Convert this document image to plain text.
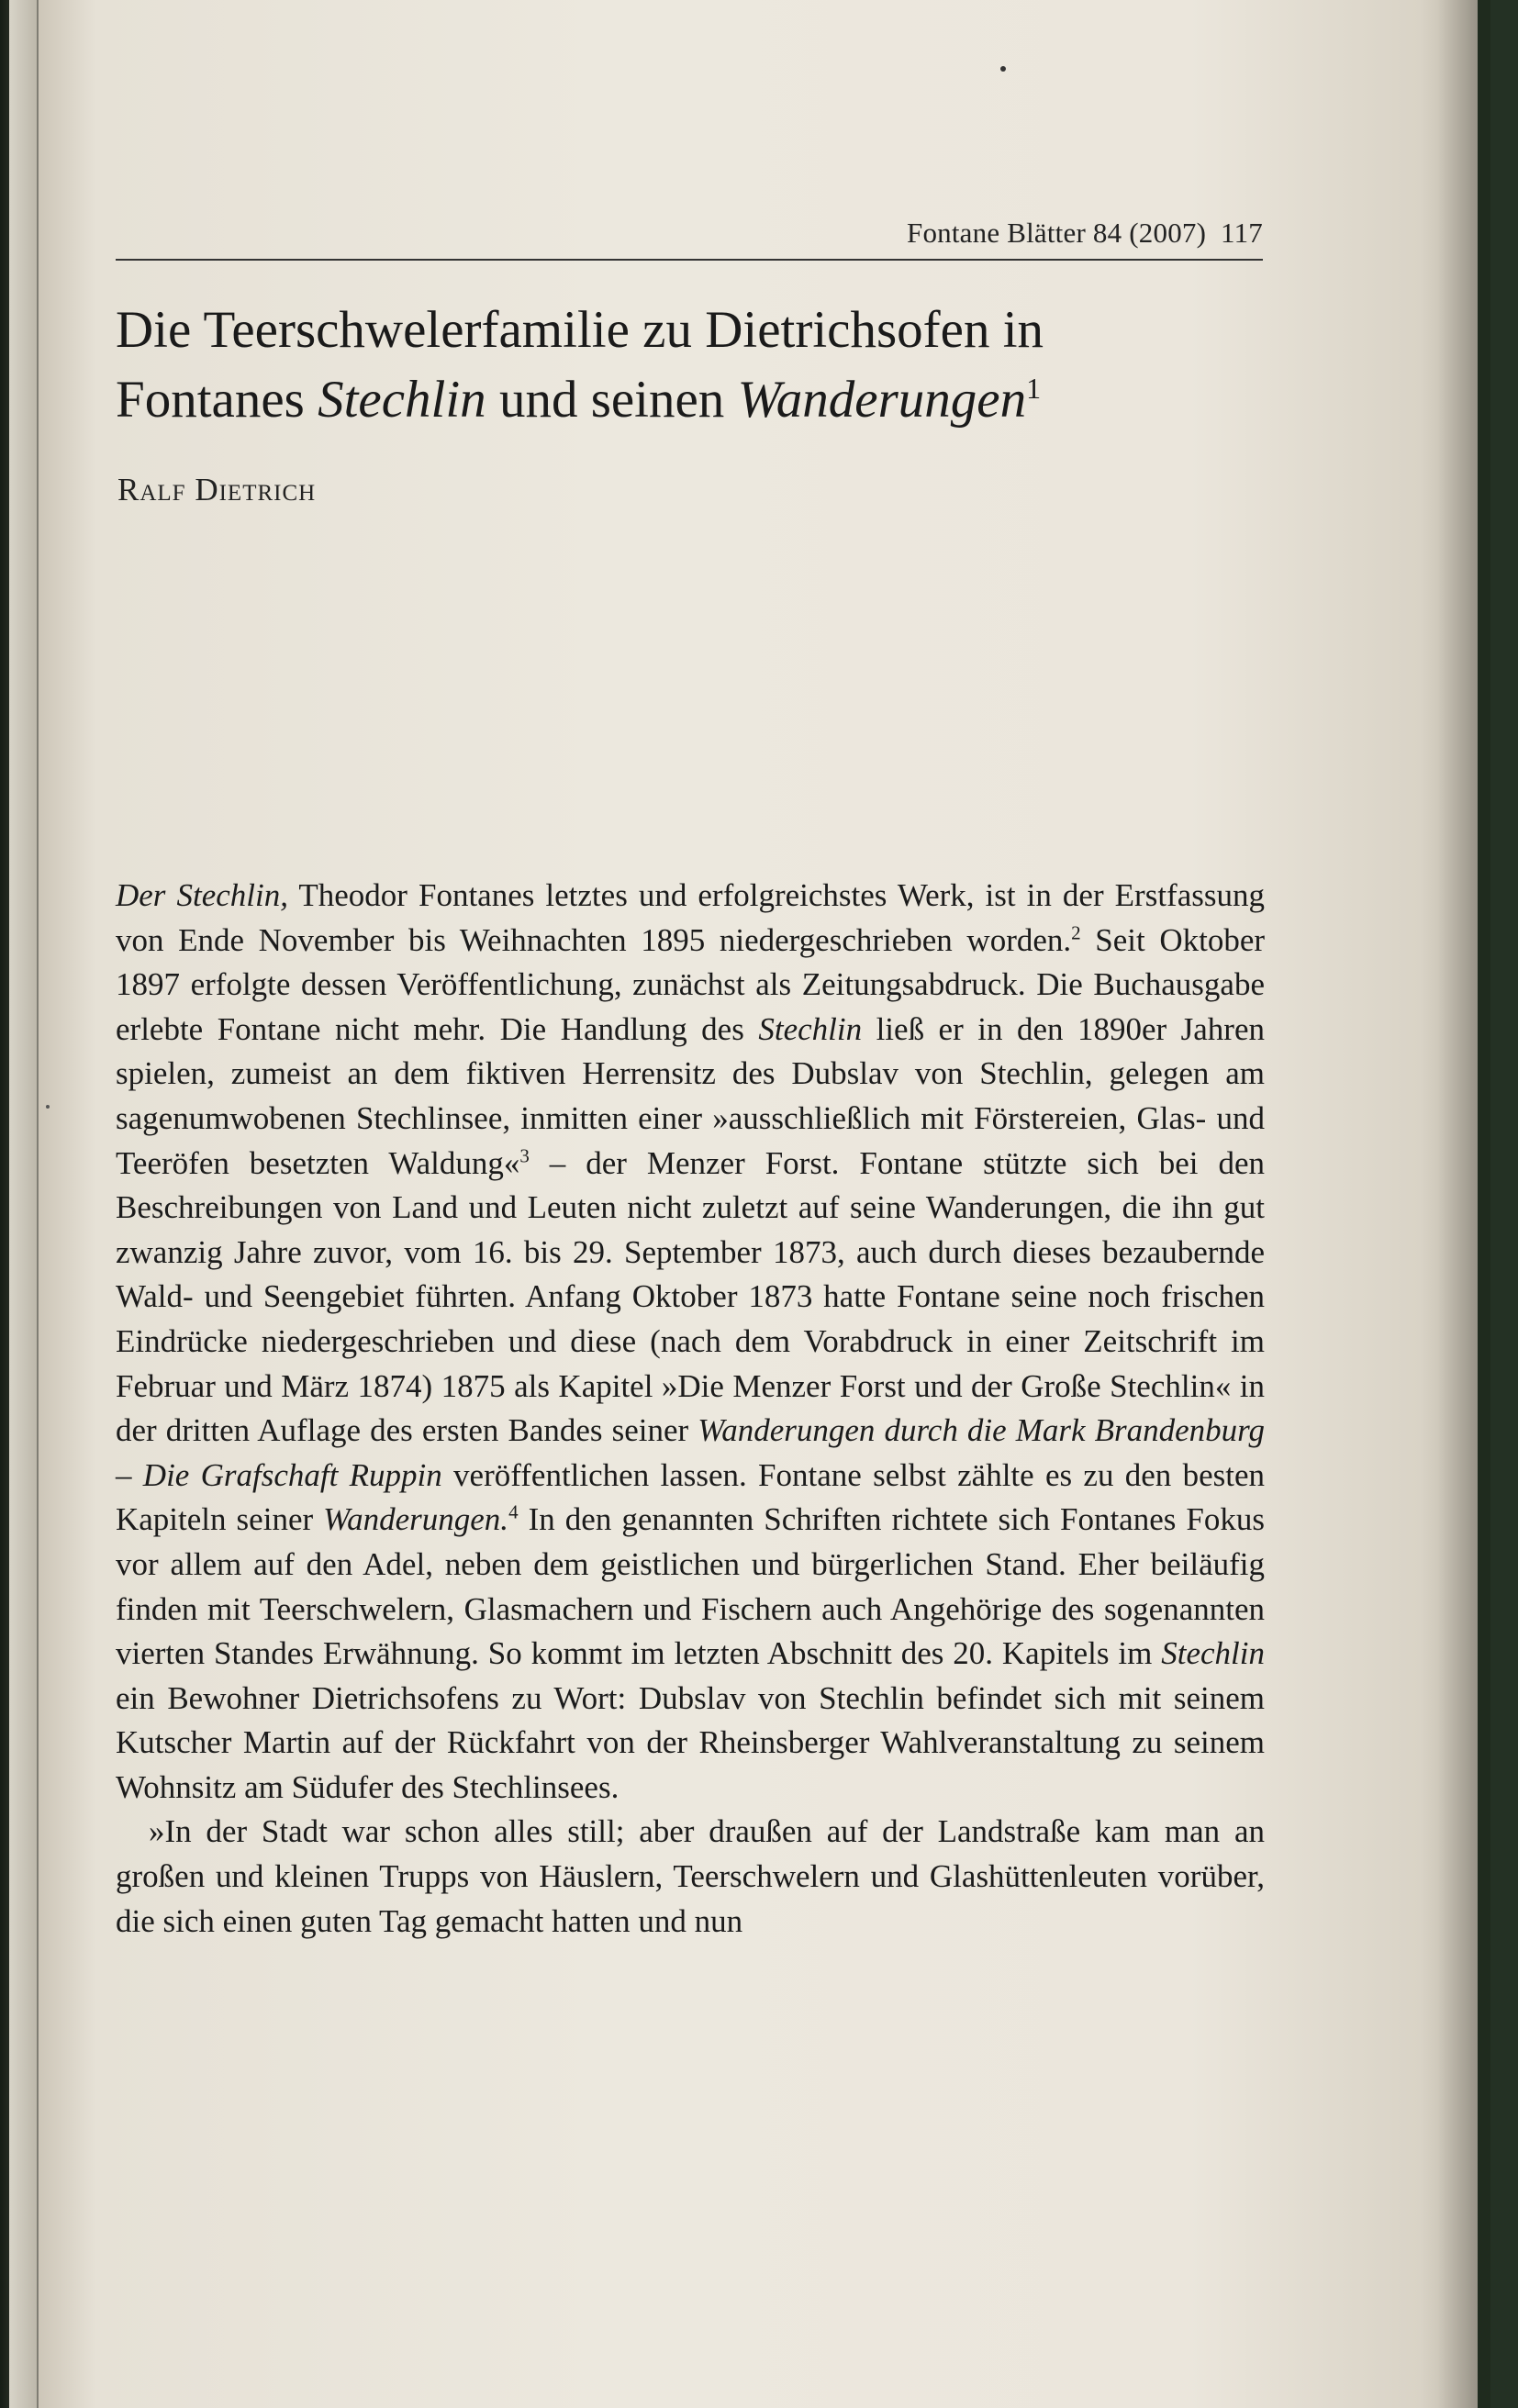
Fontane Blätter 84 (2007) 117
Die Teerschwelerfamilie zu Dietrichsofen in
Fontanes Stechlin und seinen Wanderungen$^1$
Ralf Dietrich

Der Stechlin, Theodor Fontanes letztes und erfolgreichstes Werk, ist in der Erstfassung von Ende November bis Weihnachten 1895 niedergeschrieben worden.$^2$ Seit Oktober 1897 erfolgte dessen Veröffentlichung, zunächst als Zeitungsabdruck. Die Buchausgabe erlebte Fontane nicht mehr. Die Handlung des Stechlin ließ er in den 1890er Jahren spielen, zumeist an dem fiktiven Herrensitz des Dubslav von Stechlin, gelegen am sagenumwobenen Stechlinsee, inmitten einer »ausschließlich mit Förstereien, Glas- und Teeröfen besetzten Waldung«$^3$ – der Menzer Forst. Fontane stützte sich bei den Beschreibungen von Land und Leuten nicht zuletzt auf seine Wanderungen, die ihn gut zwanzig Jahre zuvor, vom 16. bis 29. September 1873, auch durch dieses bezaubernde Wald- und Seengebiet führten. Anfang Oktober 1873 hatte Fontane seine noch frischen Eindrücke niedergeschrieben und diese (nach dem Vorabdruck in einer Zeitschrift im Februar und März 1874) 1875 als Kapitel »Die Menzer Forst und der Große Stechlin« in der dritten Auflage des ersten Bandes seiner Wanderungen durch die Mark Brandenburg – Die Grafschaft Ruppin veröffentlichen lassen. Fontane selbst zählte es zu den besten Kapiteln seiner Wanderungen.$^4$ In den genannten Schriften richtete sich Fontanes Fokus vor allem auf den Adel, neben dem geistlichen und bürgerlichen Stand. Eher beiläufig finden mit Teerschwelern, Glasmachern und Fischern auch Angehörige des sogenannten vierten Standes Erwähnung. So kommt im letzten Abschnitt des 20. Kapitels im Stechlin ein Bewohner Dietrichsofens zu Wort: Dubslav von Stechlin befindet sich mit seinem Kutscher Martin auf der Rückfahrt von der Rheinsberger Wahlveranstaltung zu seinem Wohnsitz am Südufer des Stechlinsees.

»In der Stadt war schon alles still; aber draußen auf der Landstraße kam man an großen und kleinen Trupps von Häuslern, Teerschwelern und Glashüttenleuten vorüber, die sich einen guten Tag gemacht hatten und nun
